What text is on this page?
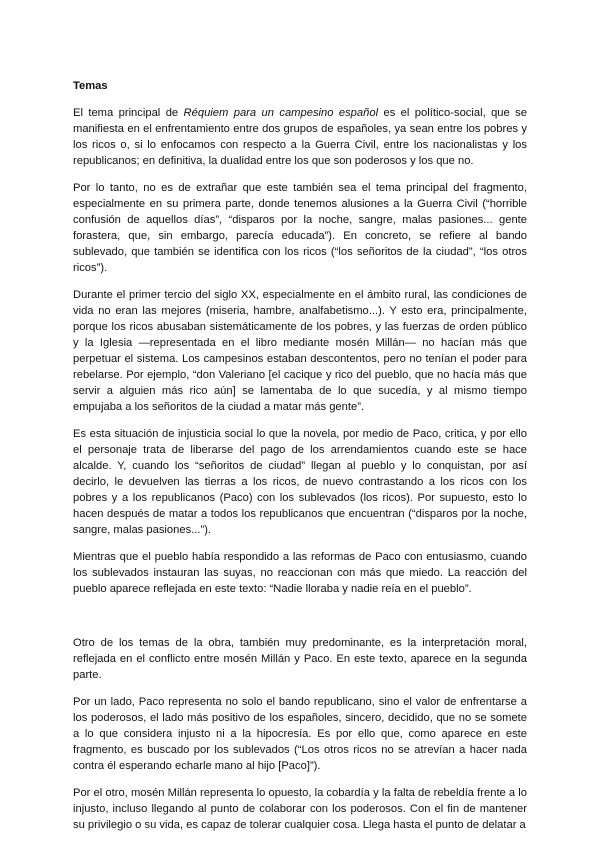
Temas

El tema principal de Réquiem para un campesino español es el político-social, que se manifiesta en el enfrentamiento entre dos grupos de españoles, ya sean entre los pobres y los ricos o, si lo enfocamos con respecto a la Guerra Civil, entre los nacionalistas y los republicanos; en definitiva, la dualidad entre los que son poderosos y los que no.

Por lo tanto, no es de extrañar que este también sea el tema principal del fragmento, especialmente en su primera parte, donde tenemos alusiones a la Guerra Civil (“horrible confusión de aquellos días”, “disparos por la noche, sangre, malas pasiones... gente forastera, que, sin embargo, parecía educada”). En concreto, se refiere al bando sublevado, que también se identifica con los ricos (“los señoritos de la ciudad”, “los otros ricos”).

Durante el primer tercio del siglo XX, especialmente en el ámbito rural, las condiciones de vida no eran las mejores (miseria, hambre, analfabetismo...). Y esto era, principalmente, porque los ricos abusaban sistemáticamente de los pobres, y las fuerzas de orden público y la Iglesia —representada en el libro mediante mosén Millán— no hacían más que perpetuar el sistema. Los campesinos estaban descontentos, pero no tenían el poder para rebelarse. Por ejemplo, “don Valeriano [el cacique y rico del pueblo, que no hacía más que servir a alguien más rico aún] se lamentaba de lo que sucedía, y al mismo tiempo empujaba a los señoritos de la ciudad a matar más gente”.

Es esta situación de injusticia social lo que la novela, por medio de Paco, critica, y por ello el personaje trata de liberarse del pago de los arrendamientos cuando este se hace alcalde. Y, cuando los “señoritos de ciudad” llegan al pueblo y lo conquistan, por así decirlo, le devuelven las tierras a los ricos, de nuevo contrastando a los ricos con los pobres y a los republicanos (Paco) con los sublevados (los ricos). Por supuesto, esto lo hacen después de matar a todos los republicanos que encuentran (“disparos por la noche, sangre, malas pasiones...”).

Mientras que el pueblo había respondido a las reformas de Paco con entusiasmo, cuando los sublevados instauran las suyas, no reaccionan con más que miedo. La reacción del pueblo aparece reflejada en este texto: “Nadie lloraba y nadie reía en el pueblo”.

Otro de los temas de la obra, también muy predominante, es la interpretación moral, reflejada en el conflicto entre mosén Millán y Paco. En este texto, aparece en la segunda parte.

Por un lado, Paco representa no solo el bando republicano, sino el valor de enfrentarse a los poderosos, el lado más positivo de los españoles, sincero, decidido, que no se somete a lo que considera injusto ni a la hipocresía. Es por ello que, como aparece en este fragmento, es buscado por los sublevados (“Los otros ricos no se atrevían a hacer nada contra él esperando echarle mano al hijo [Paco]”).

Por el otro, mosén Millán representa lo opuesto, la cobardía y la falta de rebeldía frente a lo injusto, incluso llegando al punto de colaborar con los poderosos. Con el fin de mantener su privilegio o su vida, es capaz de tolerar cualquier cosa. Llega hasta el punto de delatar a
